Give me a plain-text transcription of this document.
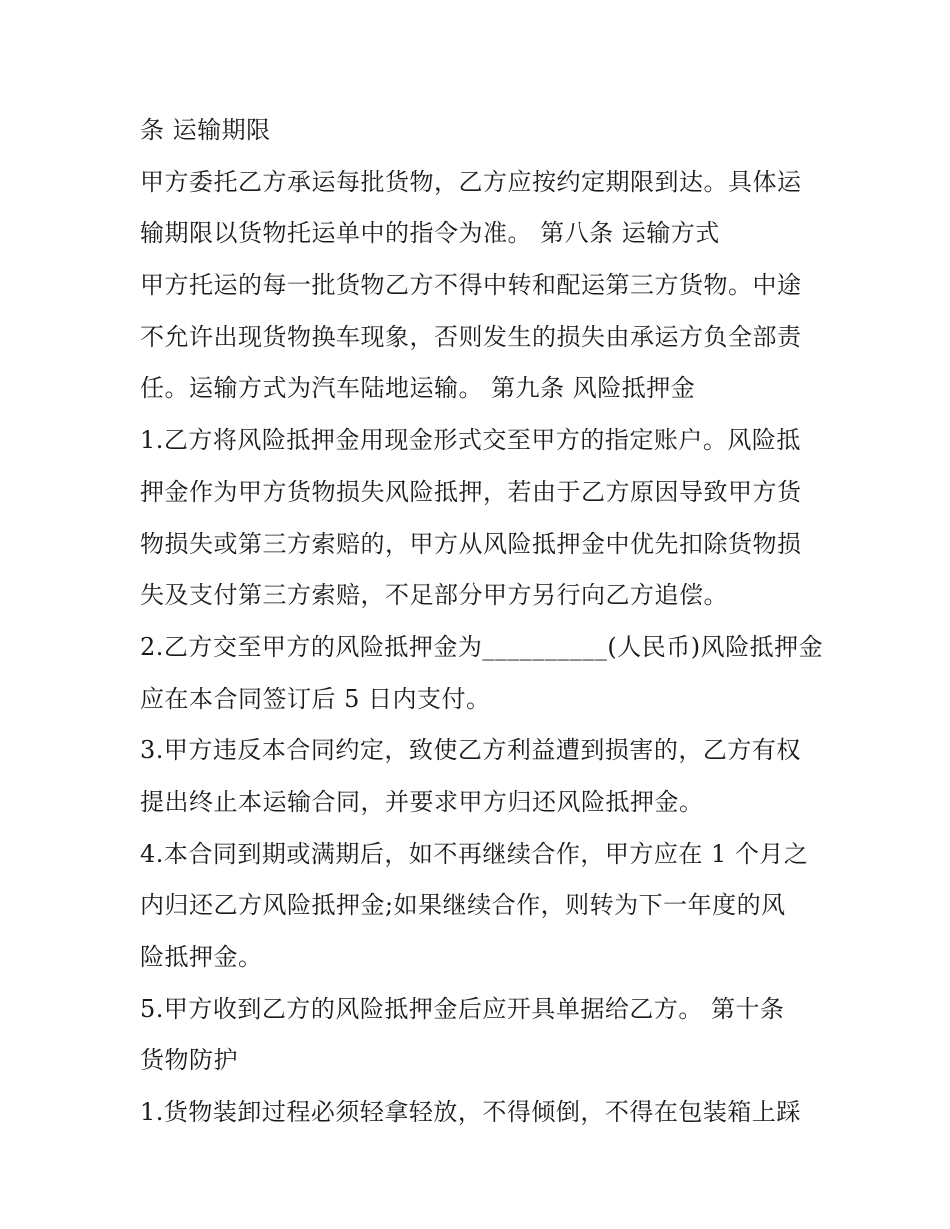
条 运输期限
甲方委托乙方承运每批货物，乙方应按约定期限到达。具体运
输期限以货物托运单中的指令为准。 第八条 运输方式
甲方托运的每一批货物乙方不得中转和配运第三方货物。中途
不允许出现货物换车现象，否则发生的损失由承运方负全部责
任。运输方式为汽车陆地运输。 第九条 风险抵押金
1.乙方将风险抵押金用现金形式交至甲方的指定账户。风险抵
押金作为甲方货物损失风险抵押，若由于乙方原因导致甲方货
物损失或第三方索赔的，甲方从风险抵押金中优先扣除货物损
失及支付第三方索赔，不足部分甲方另行向乙方追偿。
2.乙方交至甲方的风险抵押金为__________(人民币)风险抵押金
应在本合同签订后 5 日内支付。
3.甲方违反本合同约定，致使乙方利益遭到损害的，乙方有权
提出终止本运输合同，并要求甲方归还风险抵押金。
4.本合同到期或满期后，如不再继续合作，甲方应在 1 个月之
内归还乙方风险抵押金;如果继续合作，则转为下一年度的风
险抵押金。
5.甲方收到乙方的风险抵押金后应开具单据给乙方。 第十条
货物防护
1.货物装卸过程必须轻拿轻放，不得倾倒，不得在包装箱上踩
